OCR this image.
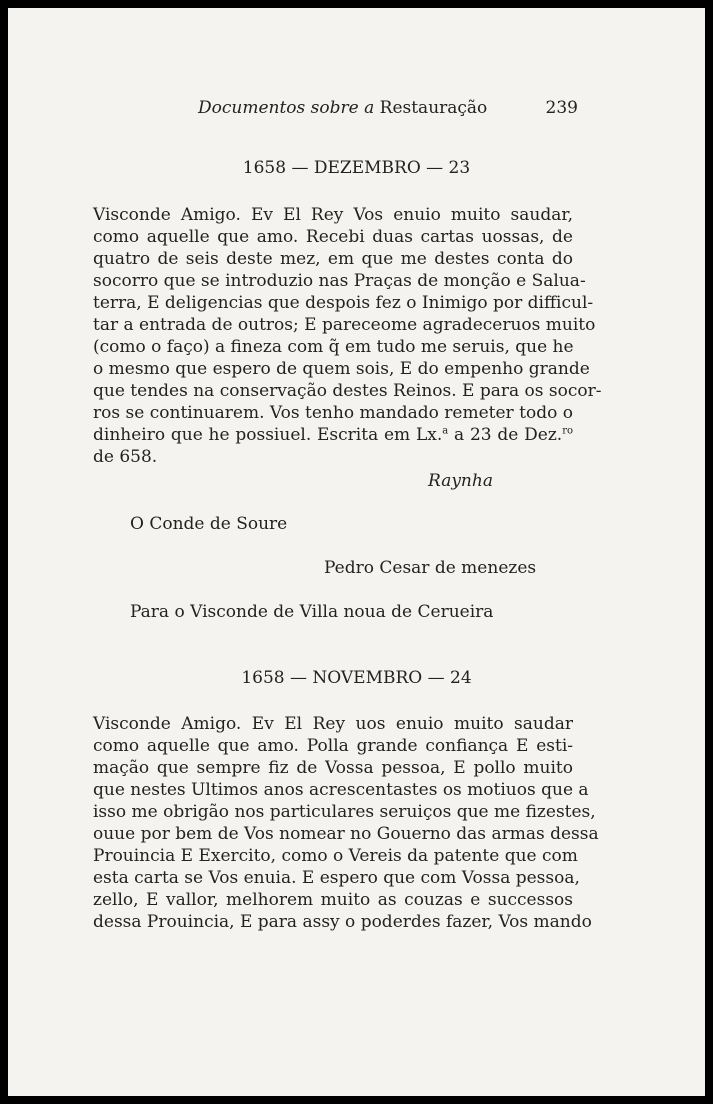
Documentos sobre a Restauração	239
1658 — DEZEMBRO — 23
Visconde Amigo. Ev El Rey Vos enuio muito saudar,
como aquelle que amo. Recebi duas cartas uossas, de
quatro de seis deste mez, em que me destes conta do
socorro que se introduzio nas Praças de monção e Salua-
terra, E deligencias que despois fez o Inimigo por difficul-
tar a entrada de outros; E pareceome agradeceruos muito
(como o faço) a fineza com q̃ em tudo me seruis, que he
o mesmo que espero de quem sois, E do empenho grande
que tendes na conservação destes Reinos. E para os socor-
ros se continuarem. Vos tenho mandado remeter todo o
dinheiro que he possiuel. Escrita em Lx.$^a$ a 23 de Dez.$^{ro}$
de 658.
Raynha
O Conde de Soure
Pedro Cesar de menezes
Para o Visconde de Villa noua de Cerueira
1658 — NOVEMBRO — 24
Visconde Amigo. Ev El Rey uos enuio muito saudar
como aquelle que amo. Polla grande confiança E esti-
mação que sempre fiz de Vossa pessoa, E pollo muito
que nestes Ultimos anos acrescentastes os motiuos que a
isso me obrigão nos particulares seruiços que me fizestes,
ouue por bem de Vos nomear no Gouerno das armas dessa
Prouincia E Exercito, como o Vereis da patente que com
esta carta se Vos enuia. E espero que com Vossa pessoa,
zello, E vallor, melhorem muito as couzas e successos
dessa Prouincia, E para assy o poderdes fazer, Vos mando
